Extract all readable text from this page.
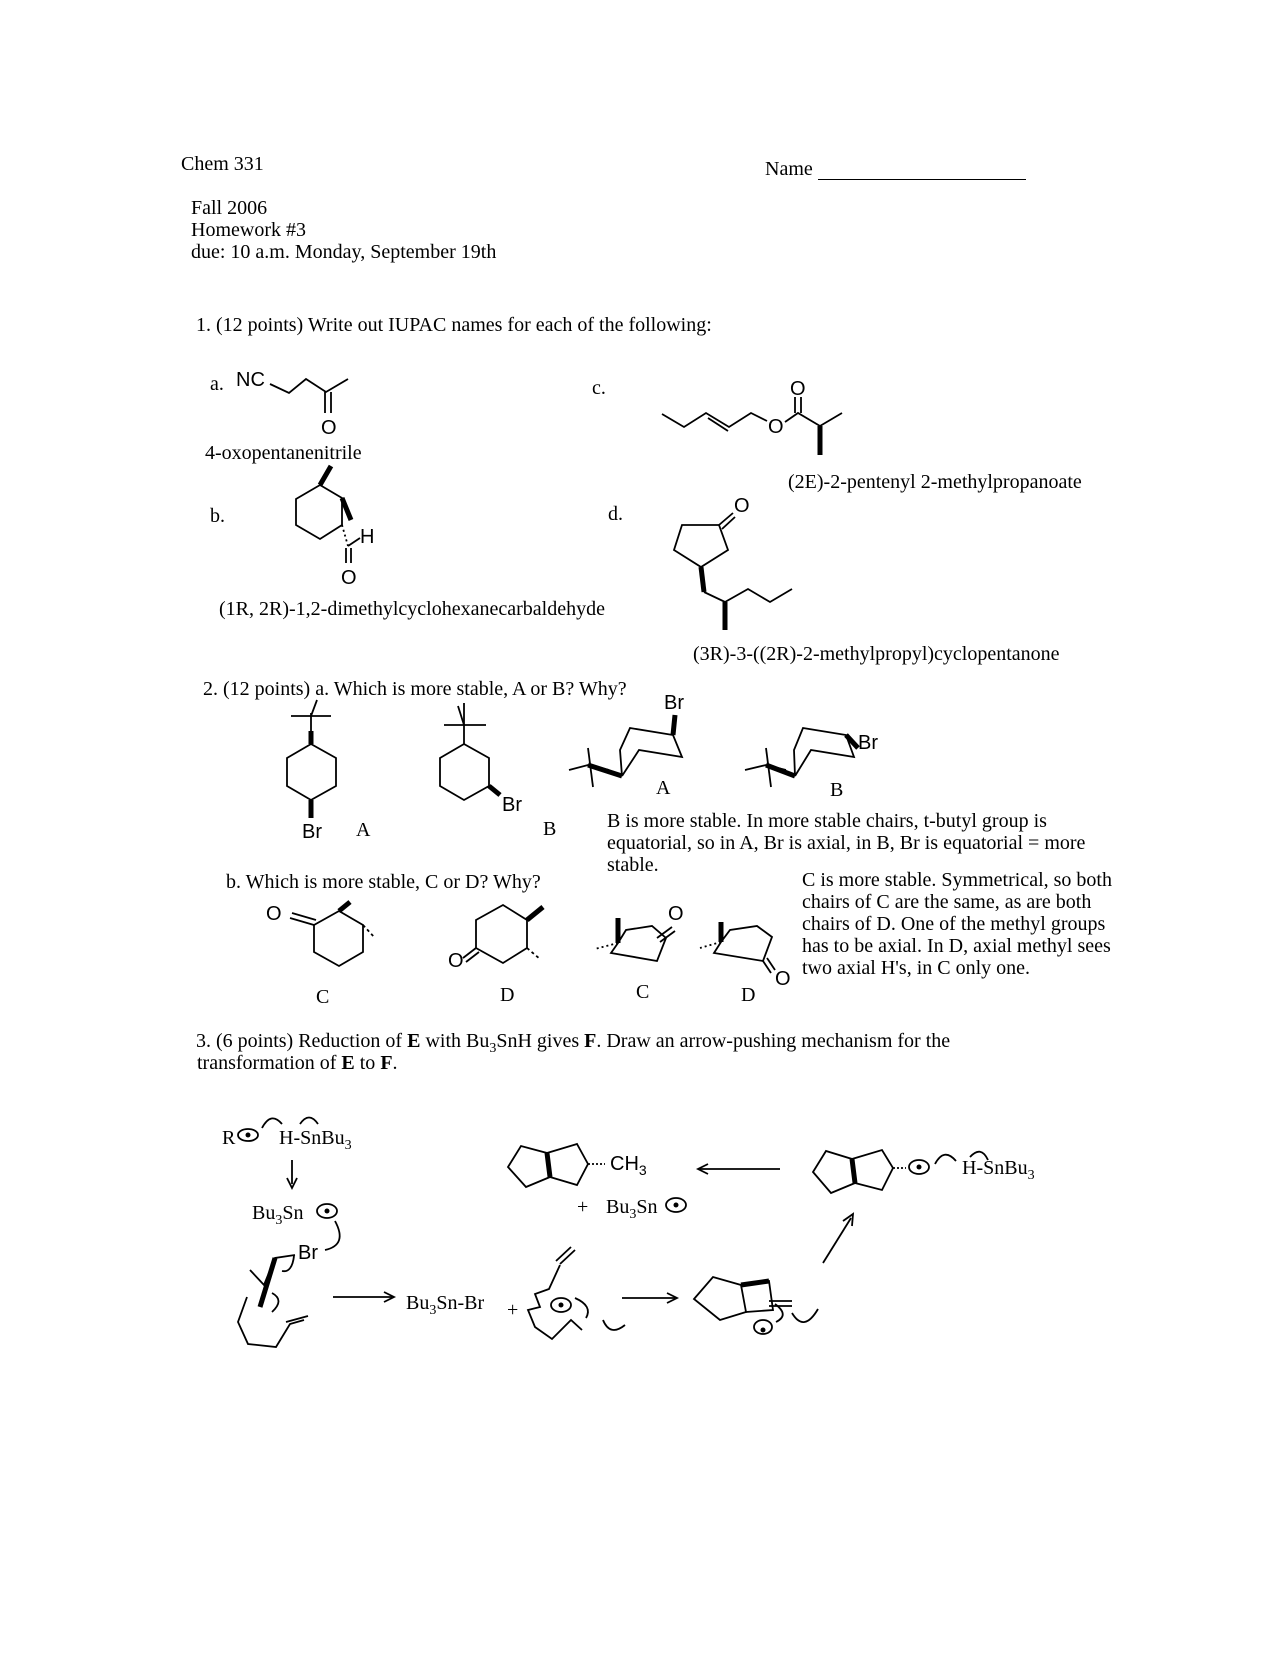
Chem 331	Name
Fall 2006
Homework #3
due: 10 a.m. Monday, September 19th
1. (12 points) Write out IUPAC names for each of the following:
a.
4-oxopentanenitrile
b.
(1R, 2R)-1,2-dimethylcyclohexanecarbaldehyde
c.
(2E)-2-pentenyl 2-methylpropanoate
d.
(3R)-3-((2R)-2-methylpropyl)cyclopentanone
2. (12 points) a. Which is more stable, A or B? Why?
B is more stable. In more stable chairs, t-butyl group is equatorial, so in A, Br is axial, in B, Br is equatorial = more stable.
b. Which is more stable, C or D? Why?	C is more stable. Symmetrical, so both chairs of C are the same, as are both chairs of D. One of the methyl groups has to be axial. In D, axial methyl sees two axial H's, in C only one.
A	B
A	B
C	D	C	D
3. (6 points) Reduction of E with $Bu_3SnH$ gives F. Draw an arrow-pushing mechanism for the
transformation of E to F.
R H-SnBu$_3$
$Bu_3Sn$
$Bu_3Sn-Br$ +
+ $Bu_3Sn$
H-SnBu$_3$
$CH_3$
NC
O
H
O
O
O
O
Br
Br
Br
Br
O
O
O
O
Br
